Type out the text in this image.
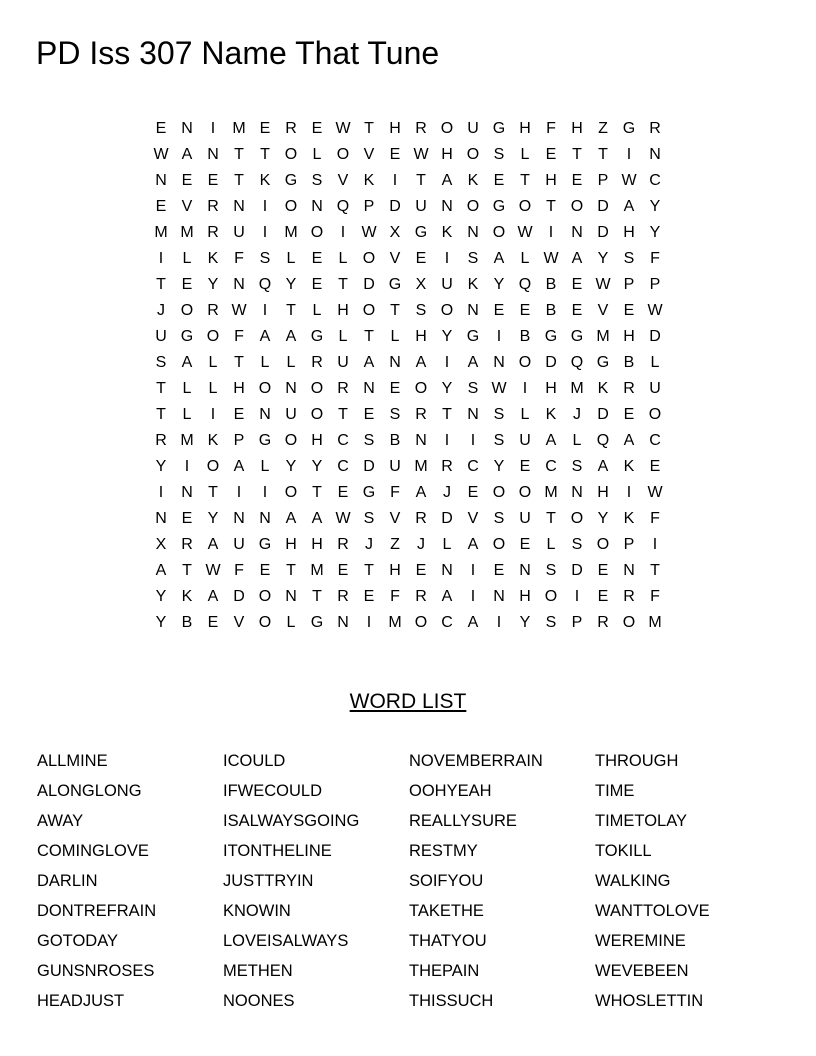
PD Iss 307 Name That Tune
E N	I	M E R E W T H R O U G H F H Z G R
W A N T	T O L O V E W H O S	L	E T	T	I	N
N E E T K G S V K	I	T A K E T H E P W C
E V R N	I	O N Q P D U N O G O T O D A Y
M M R U	I	M O	I	W X G K N O W	I	N D H Y
I	L	K F S	L	E	L O V E	I	S A	L W A Y S F
T E Y N Q Y E T D G X U K Y Q B E W P P
J O R W	I	T	L H O T S O N E E B E V E W
U G O F A A G L	T	L H Y G	I	B G G M H D
S A	L	T	L	L R U A N A	I	A N O D Q G B	L
T	L	L H O N O R N E O Y S W	I	H M K R U
T	L	I	E N U O T E S R T N S	L	K	J	D E O
R M K P G O H C S B N	I	I	S U A	L Q A C
Y	I	O A	L	Y Y C D U M R C Y E C S A K E
I	N T	I	I	O T E G F A	J	E O O M N H	I	W
N E Y N N A A W S V R D V S U T O Y K F
X R A U G H H R	J	Z	J	L	A O E	L	S O P	I
A T W F E T M E T H E N	I	E N S D E N T
Y K A D O N T R E F R A	I	N H O	I	E R F
Y B E V O L G N	I	M O C A	I	Y S P R O M
WORD LIST
ALLMINE
ALONGLONG
AWAY
COMINGLOVE
DARLIN
DONTREFRAIN
GOTODAY
GUNSNROSES
HEADJUST
ICOULD
IFWECOULD
ISALWAYSGOING
ITONTHELINE
JUSTTRYIN
KNOWIN
LOVEISALWAYS
METHEN
NOONES
NOVEMBERRAIN
OOHYEAH
REALLYSURE
RESTMY
SOIFYOU
TAKETHE
THATYOU
THEPAIN
THISSUCH
THROUGH
TIME
TIMETOLAY
TOKILL
WALKING
WANTTOLOVE
WEREMINE
WEVEBEEN
WHOSLETTIN
